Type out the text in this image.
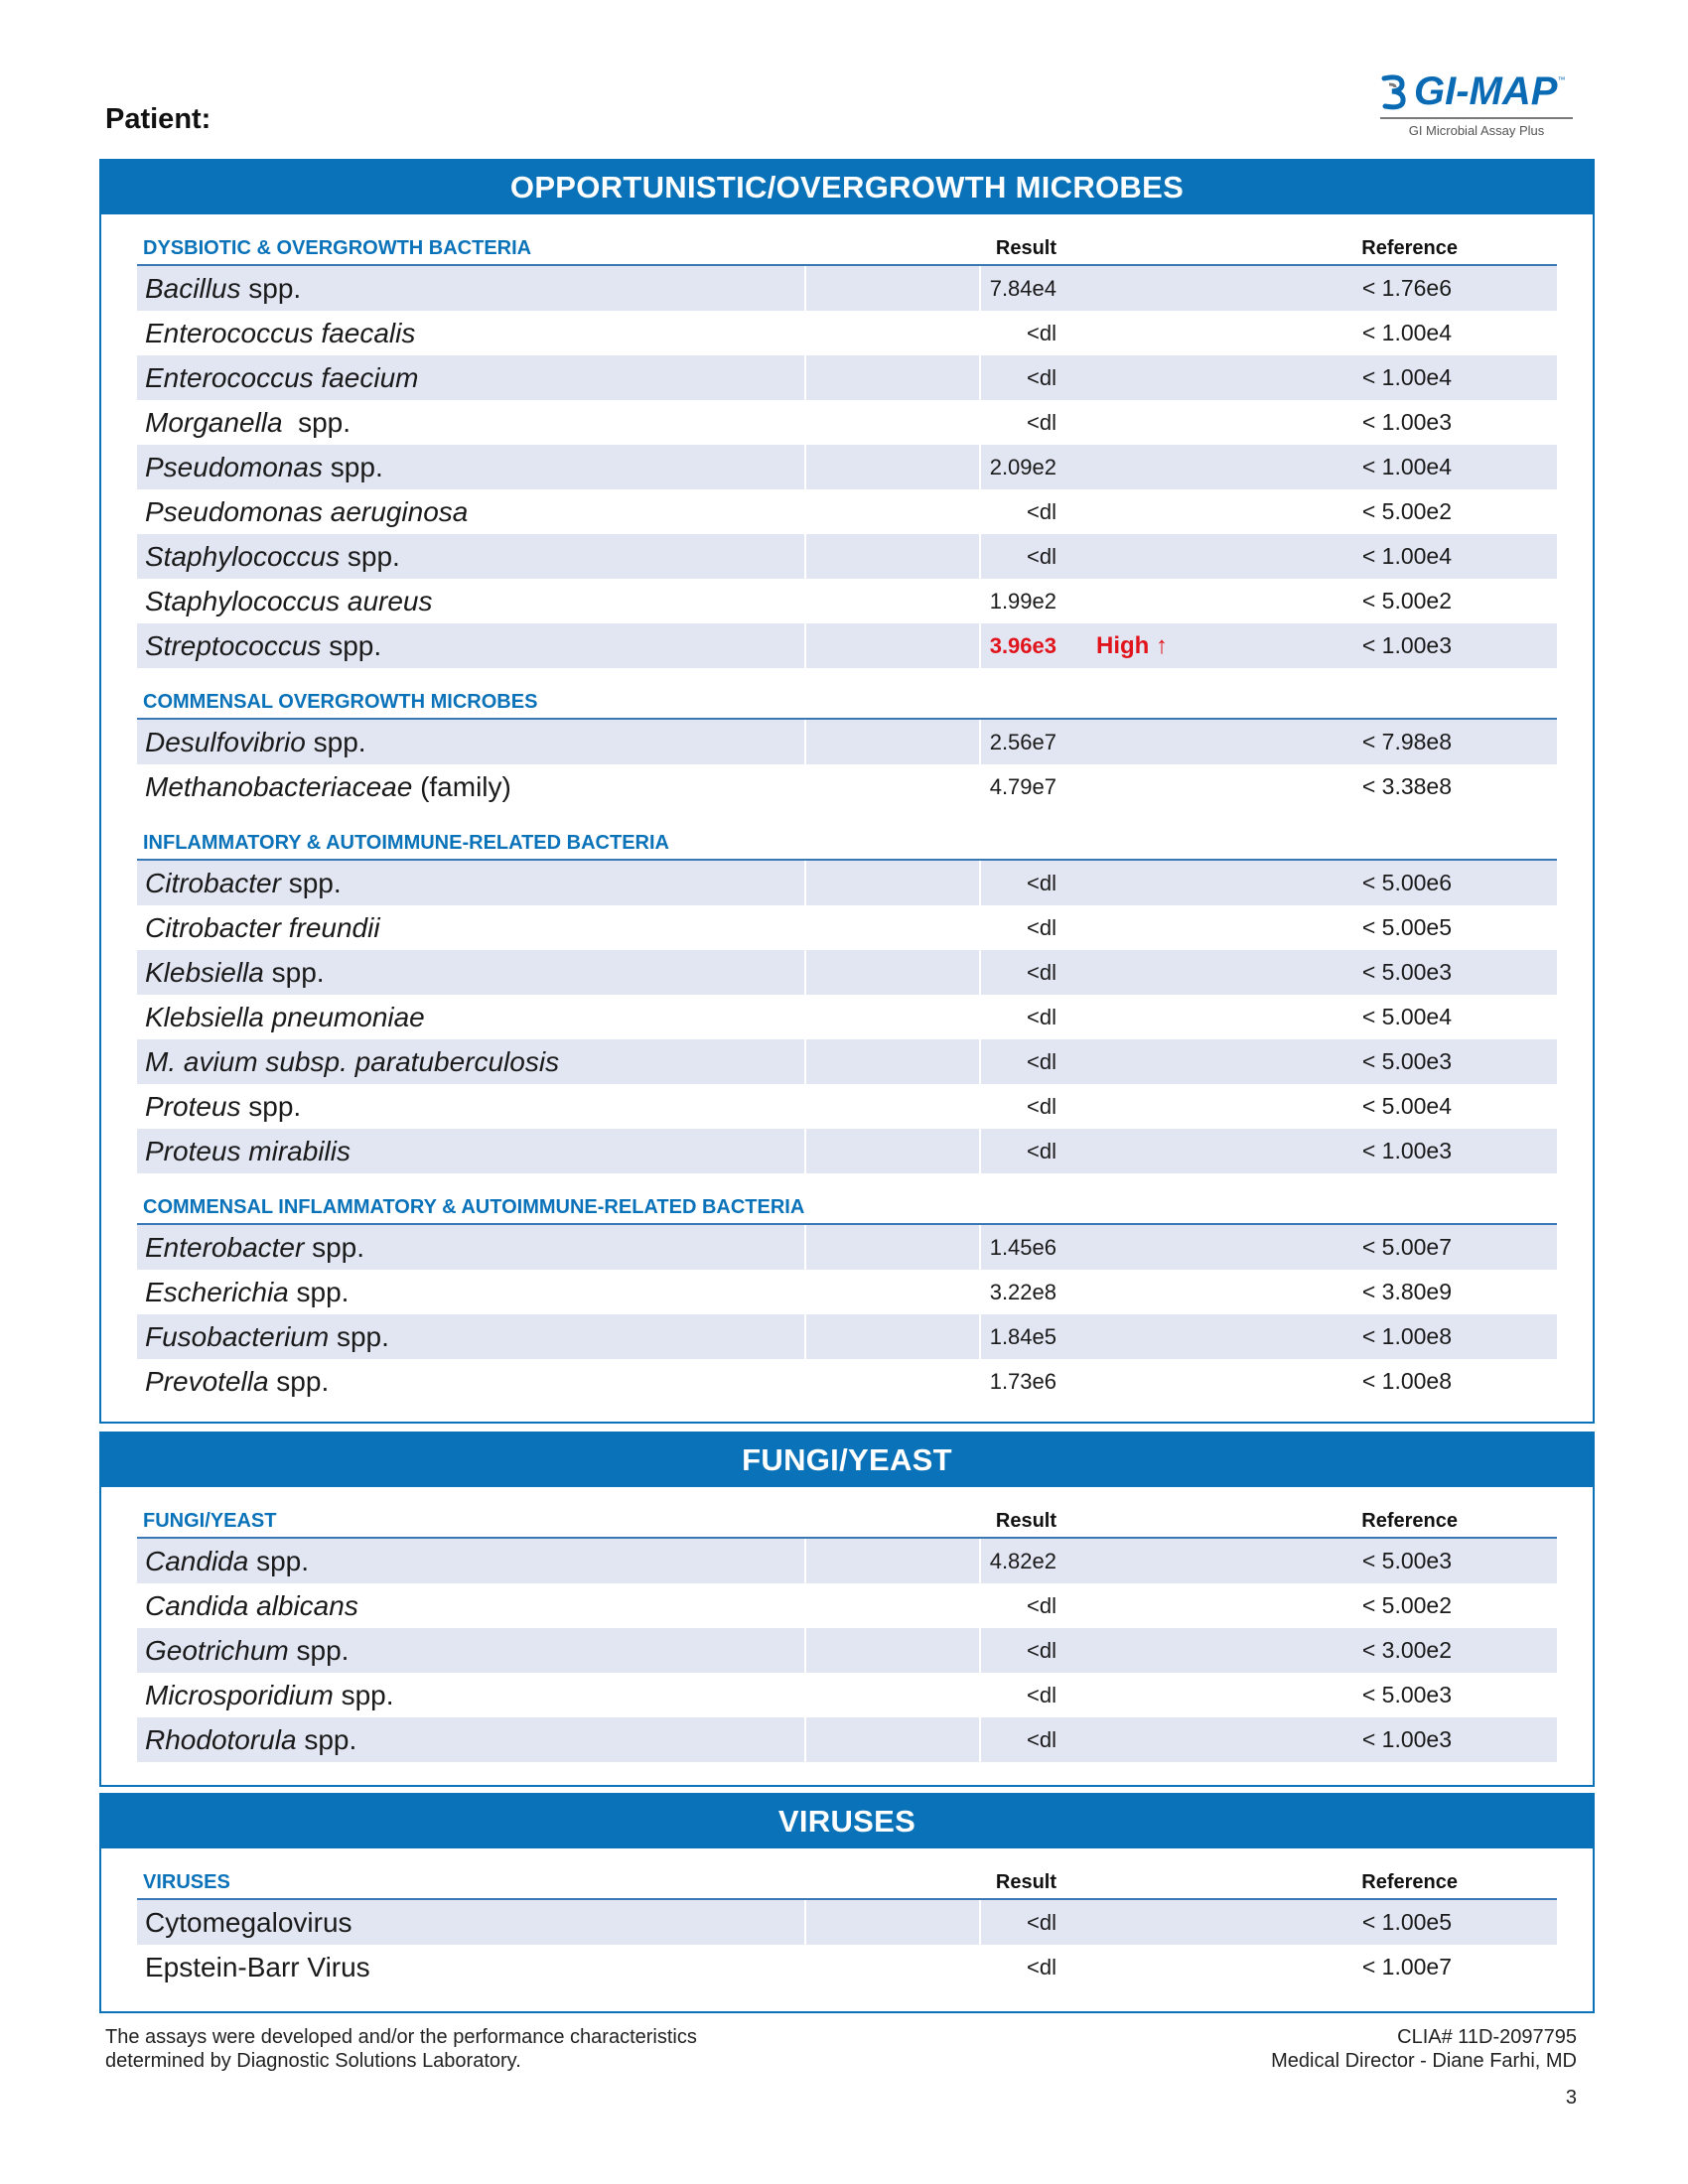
Patient:
GI-MAP ™
GI Microbial Assay Plus
OPPORTUNISTIC/OVERGROWTH MICROBES
DYSBIOTIC & OVERGROWTH BACTERIA	Result	Reference
Bacillus spp.	7.84e4	< 1.76e6
Enterococcus faecalis	<dl	< 1.00e4
Enterococcus faecium	<dl	< 1.00e4
Morganella  spp.	<dl	< 1.00e3
Pseudomonas spp.	2.09e2	< 1.00e4
Pseudomonas aeruginosa	<dl	< 5.00e2
Staphylococcus spp.	<dl	< 1.00e4
Staphylococcus aureus	1.99e2	< 5.00e2
Streptococcus spp.	3.96e3 High ↑	< 1.00e3
COMMENSAL OVERGROWTH MICROBES
Desulfovibrio spp.	2.56e7	< 7.98e8
Methanobacteriaceae (family)	4.79e7	< 3.38e8
INFLAMMATORY & AUTOIMMUNE-RELATED BACTERIA
Citrobacter spp.	<dl	< 5.00e6
Citrobacter freundii	<dl	< 5.00e5
Klebsiella spp.	<dl	< 5.00e3
Klebsiella pneumoniae	<dl	< 5.00e4
M. avium subsp. paratuberculosis	<dl	< 5.00e3
Proteus spp.	<dl	< 5.00e4
Proteus mirabilis	<dl	< 1.00e3
COMMENSAL INFLAMMATORY & AUTOIMMUNE-RELATED BACTERIA
Enterobacter spp.	1.45e6	< 5.00e7
Escherichia spp.	3.22e8	< 3.80e9
Fusobacterium spp.	1.84e5	< 1.00e8
Prevotella spp.	1.73e6	< 1.00e8
FUNGI/YEAST
FUNGI/YEAST	Result	Reference
Candida spp.	4.82e2	< 5.00e3
Candida albicans	<dl	< 5.00e2
Geotrichum spp.	<dl	< 3.00e2
Microsporidium spp.	<dl	< 5.00e3
Rhodotorula spp.	<dl	< 1.00e3
VIRUSES
VIRUSES	Result	Reference
Cytomegalovirus	<dl	< 1.00e5
Epstein-Barr Virus	<dl	< 1.00e7
The assays were developed and/or the performance characteristics
determined by Diagnostic Solutions Laboratory.
CLIA# 11D-2097795
Medical Director - Diane Farhi, MD
3
